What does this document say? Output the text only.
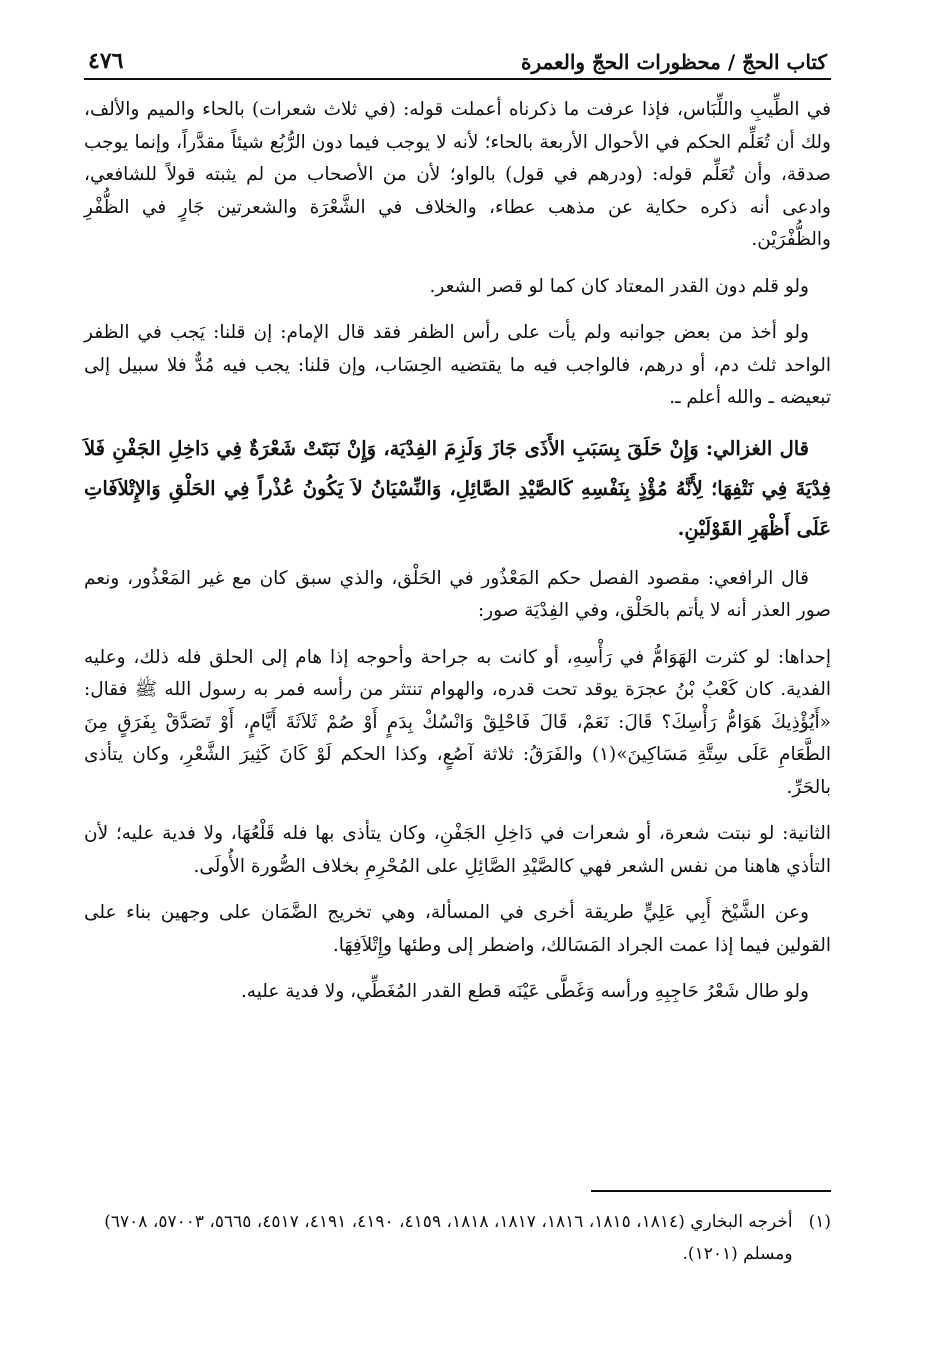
كتاب الحجّ / محظورات الحجّ والعمرة
٤٧٦

في الطِّيبِ واللِّبَاس، فإذا عرفت ما ذكرناه أعملت قوله: (في ثلاث شعرات) بالحاء والميم والألف، ولك أن تُعَلِّم الحكم في الأحوال الأربعة بالحاء؛ لأنه لا يوجب فيما دون الرُّبُع شيئاً مقدَّراً، وإنما يوجب صدقة، وأن تُعَلِّم قوله: (ودرهم في قول) بالواو؛ لأن من الأصحاب من لم يثبته قولاً للشافعي، وادعى أنه ذكره حكاية عن مذهب عطاء، والخلاف في الشَّعْرَة والشعرتين جَارٍ في الظُّفْرِ والظُّفْرَيْن.

ولو قلم دون القدر المعتاد كان كما لو قصر الشعر.

ولو أخذ من بعض جوانبه ولم يأت على رأس الظفر فقد قال الإمام: إن قلنا: يَجب في الظفر الواحد ثلث دم، أو درهم، فالواجب فيه ما يقتضيه الحِسَاب، وإن قلنا: يجب فيه مُدٌّ فلا سبيل إلى تبعيضه ـ والله أعلم ـ.

قال الغزالي: وَإِنْ حَلَقَ بِسَبَبِ الأَذَى جَازَ وَلَزِمَ الفِدْيَة، وَإِنْ نَبَتَتْ شَعْرَةٌ فِي دَاخِلِ الجَفْنِ فَلاَ فِدْيَةَ فِي نَتْفِهَا؛ لِأَنَّهُ مُؤْذٍ بِنَفْسِهِ كَالصَّيْدِ الصَّائِلِ، وَالنِّسْيَانُ لاَ يَكُونُ عُذْراً فِي الحَلْقِ وَالإِتْلاَفَاتِ عَلَى أَظْهَرِ القَوْلَيْنِ.

قال الرافعي: مقصود الفصل حكم المَعْذُور في الحَلْق، والذي سبق كان مع غير المَعْذُور، ونعم صور العذر أنه لا يأتم بالحَلْق، وفي الفِدْيَة صور:

إحداها: لو كثرت الهَوَامُّ في رَأْسِهِ، أو كانت به جراحة وأحوجه إذا هام إلى الحلق فله ذلك، وعليه الفدية. كان كَعْبُ بْنُ عجرَة يوقد تحت قدره، والهوام تنتثر من رأسه فمر به رسول الله ﷺ فقال: «أَيُؤْذِيكَ هَوَامُّ رَأْسِكَ؟ قَالَ: نَعَمْ، قَالَ فَاحْلِقْ وَانْسُكْ بِدَمٍ أَوْ صُمْ ثَلاَثَةَ أَيَّامٍ، أَوْ تَصَدَّقْ بِفَرَقٍ مِنَ الطَّعَامِ عَلَى سِتَّةِ مَسَاكِينَ»(١) والفَرَقُ: ثلاثة آصُعٍ، وكذا الحكم لَوْ كَانَ كَثِيرَ الشَّعْرِ، وكان يتأذى بالحَرِّ.

الثانية: لو نبتت شعرة، أو شعرات في دَاخِلِ الجَفْنِ، وكان يتأذى بها فله قَلْعُهَا، ولا فدية عليه؛ لأن التأذي هاهنا من نفس الشعر فهي كالصَّيْدِ الصَّائِلِ على المُحْرِمِ بخلاف الصُّورة الأُولَى.

وعن الشَّيْخ أَبِي عَلِيٍّ طريقة أخرى في المسألة، وهي تخريج الضَّمَان على وجهين بناء على القولين فيما إذا عمت الجراد المَسَالك، واضطر إلى وطئها وإِتْلاَفِهَا.

ولو طال شَعْرُ حَاجِبِهِ ورأسه وَغَطَّى عَيْنَه قطع القدر المُغَطِّي، ولا فدية عليه.

(١)
أخرجه البخاري (١٨١٤، ١٨١٥، ١٨١٦، ١٨١٧، ١٨١٨، ٤١٥٩، ٤١٩٠، ٤١٩١، ٤٥١٧، ٥٦٦٥، ٥٧٠٠٣، ٦٧٠٨) ومسلم (١٢٠١).
